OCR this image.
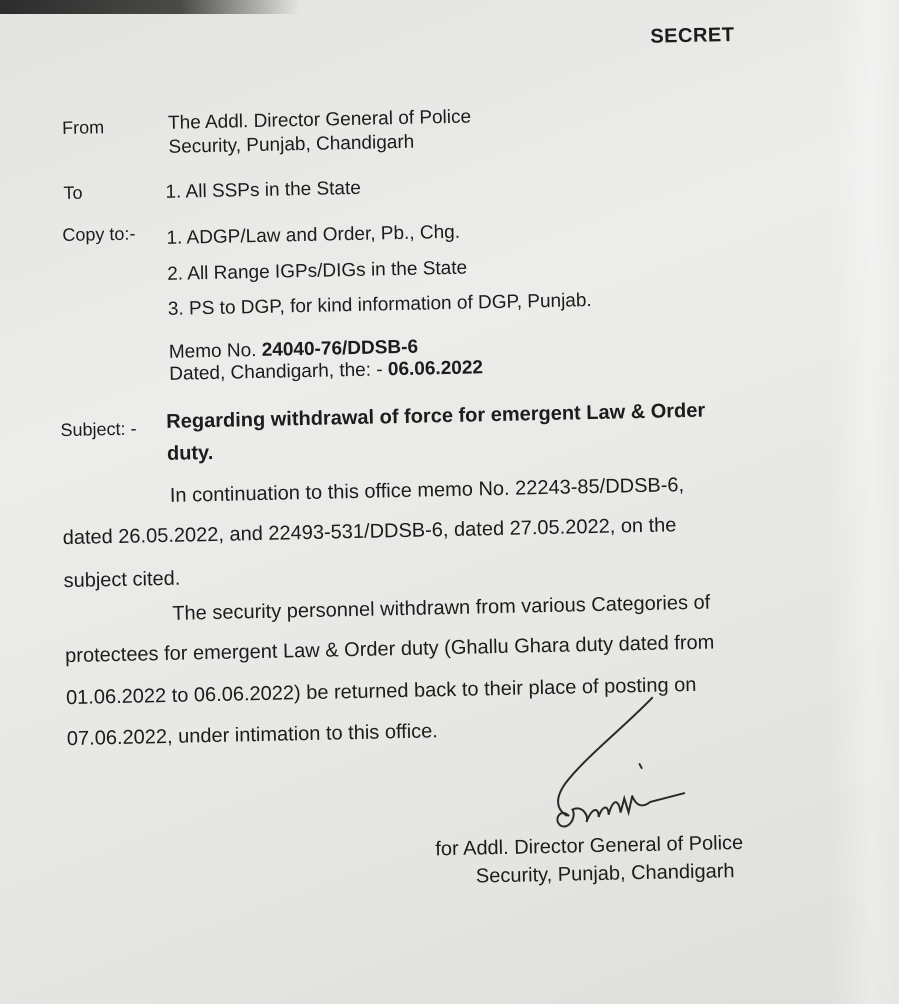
SECRET
From	The Addl. Director General of Police
Security, Punjab, Chandigarh
To	1. All SSPs in the State
Copy to:- 1. ADGP/Law and Order, Pb., Chg.
2. All Range IGPs/DIGs in the State
3. PS to DGP, for kind information of DGP, Punjab.
Memo No. 24040-76/DDSB-6
Dated, Chandigarh, the: - 06.06.2022
Subject: - Regarding withdrawal of force for emergent Law & Order
duty.
In continuation to this office memo No. 22243-85/DDSB-6,
dated 26.05.2022, and 22493-531/DDSB-6, dated 27.05.2022, on the
subject cited.
The security personnel withdrawn from various Categories of
protectees for emergent Law & Order duty (Ghallu Ghara duty dated from
01.06.2022 to 06.06.2022) be returned back to their place of posting on
07.06.2022, under intimation to this office.
for Addl. Director General of Police
Security, Punjab, Chandigarh
